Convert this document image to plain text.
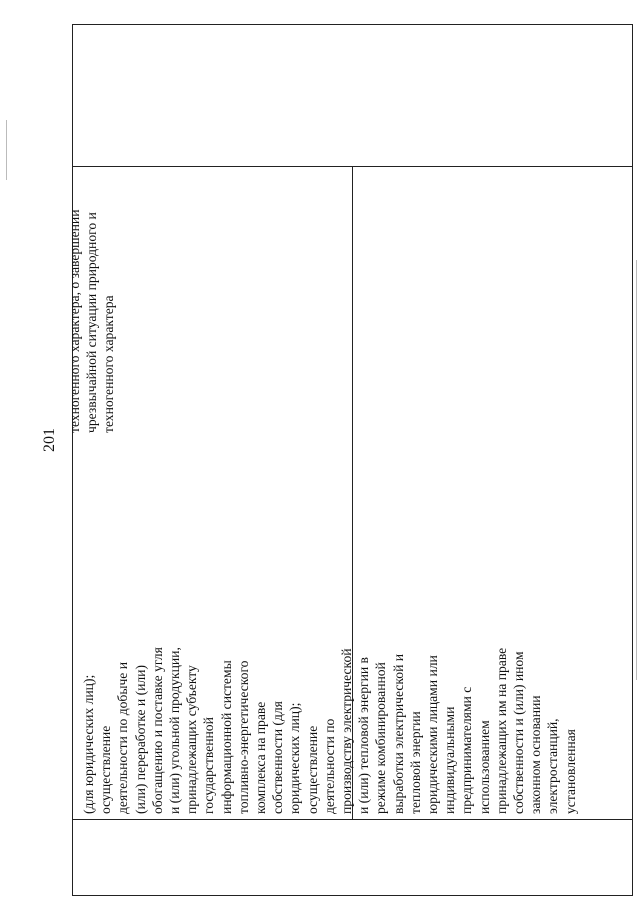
201
(для юридических лиц); осуществление деятельности по добыче и (или) переработке и (или) обогащению и поставке угля и (или) угольной продукции, принадлежащих субъекту государственной информационной системы топливно-энергетического комплекса на праве собственности (для юридических лиц); осуществление деятельности по производству электрической и (или) тепловой энергии в режиме комбинированной выработки электрической и тепловой энергии юридическими лицами или индивидуальными предпринимателями с использованием принадлежащих им на праве собственности и (или) ином законном основании электростанций, установленная
техногенного характера, о завершении чрезвычайной ситуации природного и техногенного характера
